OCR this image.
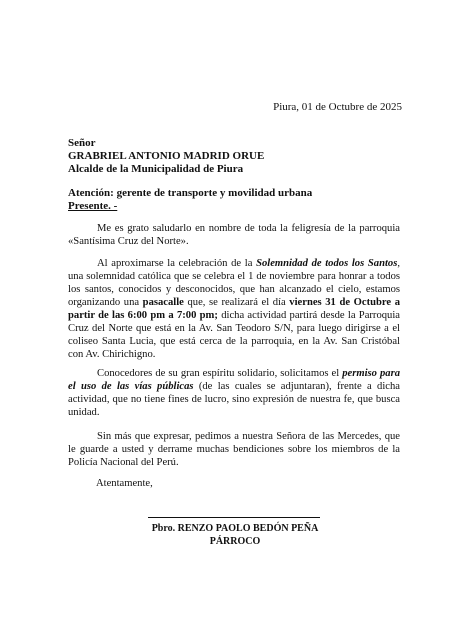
Piura, 01 de Octubre de 2025
Señor
GRABRIEL ANTONIO MADRID ORUE
Alcalde de la Municipalidad de Piura
Atención: gerente de transporte y movilidad urbana
Presente. -
Me es grato saludarlo en nombre de toda la feligresía de la parroquia «Santísima Cruz del Norte».
Al aproximarse la celebración de la Solemnidad de todos los Santos, una solemnidad católica que se celebra el 1 de noviembre para honrar a todos los santos, conocidos y desconocidos, que han alcanzado el cielo, estamos organizando una pasacalle que, se realizará el día viernes 31 de Octubre a partir de las 6:00 pm a 7:00 pm; dicha actividad partirá desde la Parroquia Cruz del Norte que está en la Av. San Teodoro S/N, para luego dirigirse a el coliseo Santa Lucia, que está cerca de la parroquia, en la Av. San Cristóbal con Av. Chirichigno.
Conocedores de su gran espíritu solidario, solicitamos el permiso para el uso de las vías públicas (de las cuales se adjuntaran), frente a dicha actividad, que no tiene fines de lucro, sino expresión de nuestra fe, que busca unidad.
Sin más que expresar, pedimos a nuestra Señora de las Mercedes, que le guarde a usted y derrame muchas bendiciones sobre los miembros de la Policía Nacional del Perú.
Atentamente,
Pbro. RENZO PAOLO BEDÓN PEÑA
PÁRROCO
